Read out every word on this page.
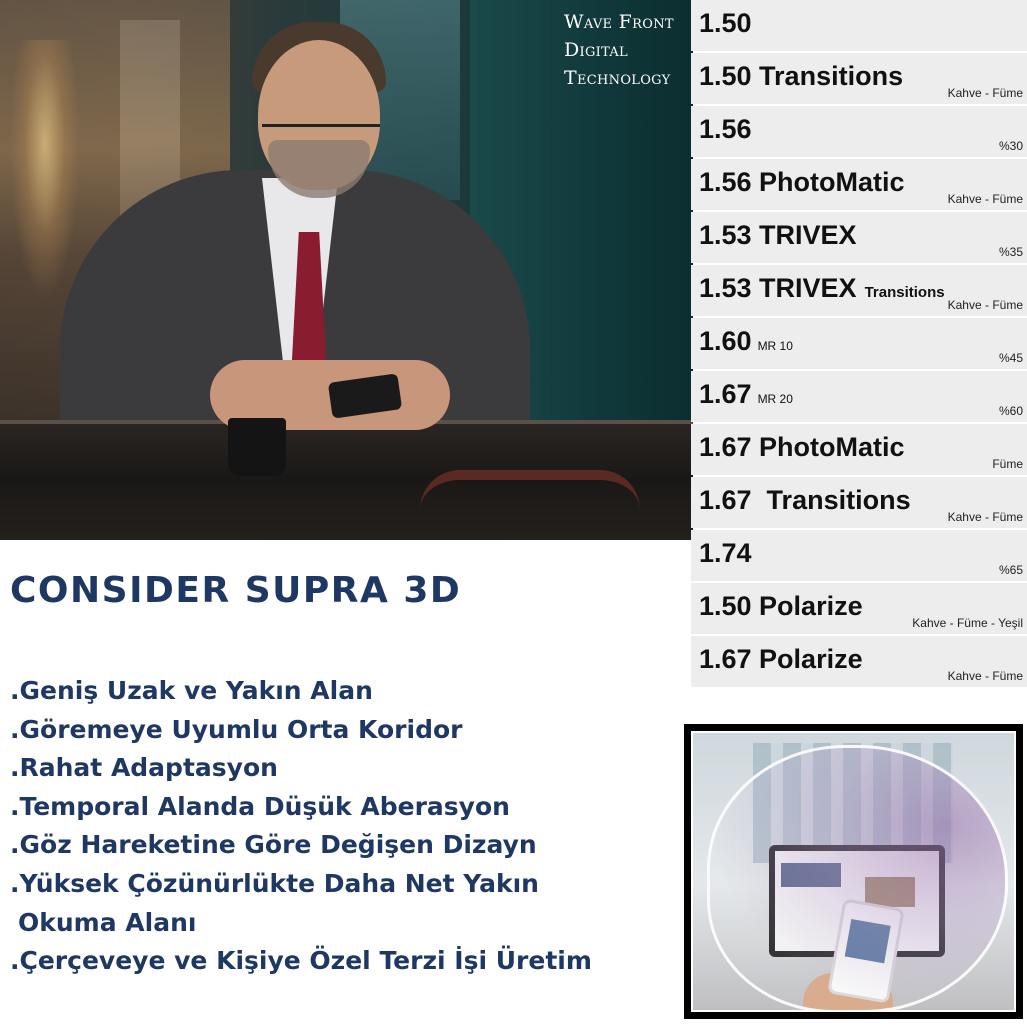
Wave Front
Digital
Technology
1.50
1.50 Transitions
Kahve - Füme
1.56
%30
1.56 PhotoMatic
Kahve - Füme
1.53 TRIVEX
%35
1.53 TRIVEX Transitions
Kahve - Füme
1.60 MR 10
%45
1.67 MR 20
%60
1.67 PhotoMatic
Füme
1.67  Transitions
Kahve - Füme
1.74
%65
1.50 Polarize
Kahve - Füme - Yeşil
1.67 Polarize
Kahve - Füme
CONSIDER SUPRA 3D
.Geniş Uzak ve Yakın Alan
.Göremeye Uyumlu Orta Koridor
.Rahat Adaptasyon
.Temporal Alanda Düşük Aberasyon
.Göz Hareketine Göre Değişen Dizayn
.Yüksek Çözünürlükte Daha Net Yakın
Okuma Alanı
.Çerçeveye ve Kişiye Özel Terzi İşi Üretim
